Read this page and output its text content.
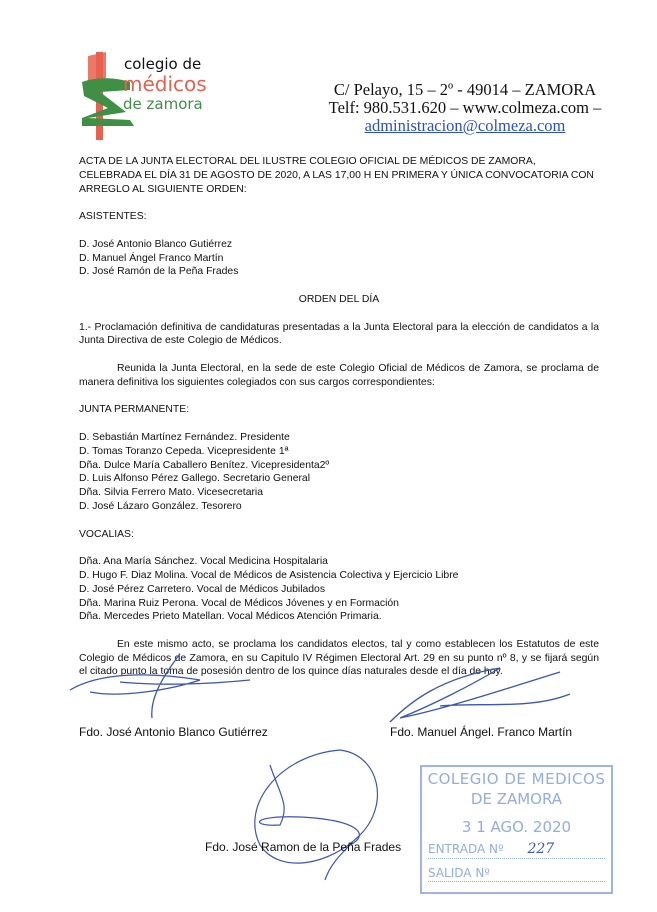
colegio de
médicos
de zamora
C/ Pelayo, 15 – 2º - 49014 – ZAMORA
Telf: 980.531.620 – www.colmeza.com –
administracion@colmeza.com
ACTA DE LA JUNTA ELECTORAL DEL ILUSTRE COLEGIO OFICIAL DE MÉDICOS DE ZAMORA, CELEBRADA EL DÍA 31 DE AGOSTO DE 2020, A LAS 17,00 H EN PRIMERA Y ÚNICA CONVOCATORIA CON ARREGLO AL SIGUIENTE ORDEN:
ASISTENTES:
D. José Antonio Blanco Gutiérrez
D. Manuel Ángel Franco Martín
D. José Ramón de la Peña Frades
ORDEN DEL DÍA
1.- Proclamación definitiva de candidaturas presentadas a la Junta Electoral para la elección de candidatos a la Junta Directiva de este Colegio de Médicos.
Reunida la Junta Electoral, en la sede de este Colegio Oficial de Médicos de Zamora, se proclama de manera definitiva los siguientes colegiados con sus cargos correspondientes:
JUNTA PERMANENTE:
D. Sebastián Martínez Fernández. Presidente
D. Tomas Toranzo Cepeda. Vicepresidente 1ª
Dña. Dulce María Caballero Benítez. Vicepresidenta2º
D. Luis Alfonso Pérez Gallego. Secretario General
Dña. Silvia Ferrero Mato. Vicesecretaria
D. José Lázaro González. Tesorero
VOCALIAS:
Dña. Ana María Sánchez. Vocal Medicina Hospitalaria
D. Hugo F. Diaz Molina. Vocal de Médicos de Asistencia Colectiva y Ejercicio Libre
D. José Pérez Carretero. Vocal de Médicos Jubilados
Dña. Marina Ruiz Perona. Vocal de Médicos Jóvenes y en Formación
Dña. Mercedes Prieto Matellan. Vocal Médicos Atención Primaria.
En este mismo acto, se proclama los candidatos electos, tal y como establecen los Estatutos de este Colegio de Médicos de Zamora, en su Capitulo IV Régimen Electoral Art. 29 en su punto nº 8, y se fijará según el citado punto la toma de posesión dentro de los quince días naturales desde el día de hoy.
Fdo. José Antonio Blanco Gutiérrez	Fdo. Manuel Ángel. Franco Martín
COLEGIO DE MEDICOS
DE ZAMORA
3 1 AGO. 2020
ENTRADA Nº 227
SALIDA Nº
Fdo. José Ramon de la Peña Frades
